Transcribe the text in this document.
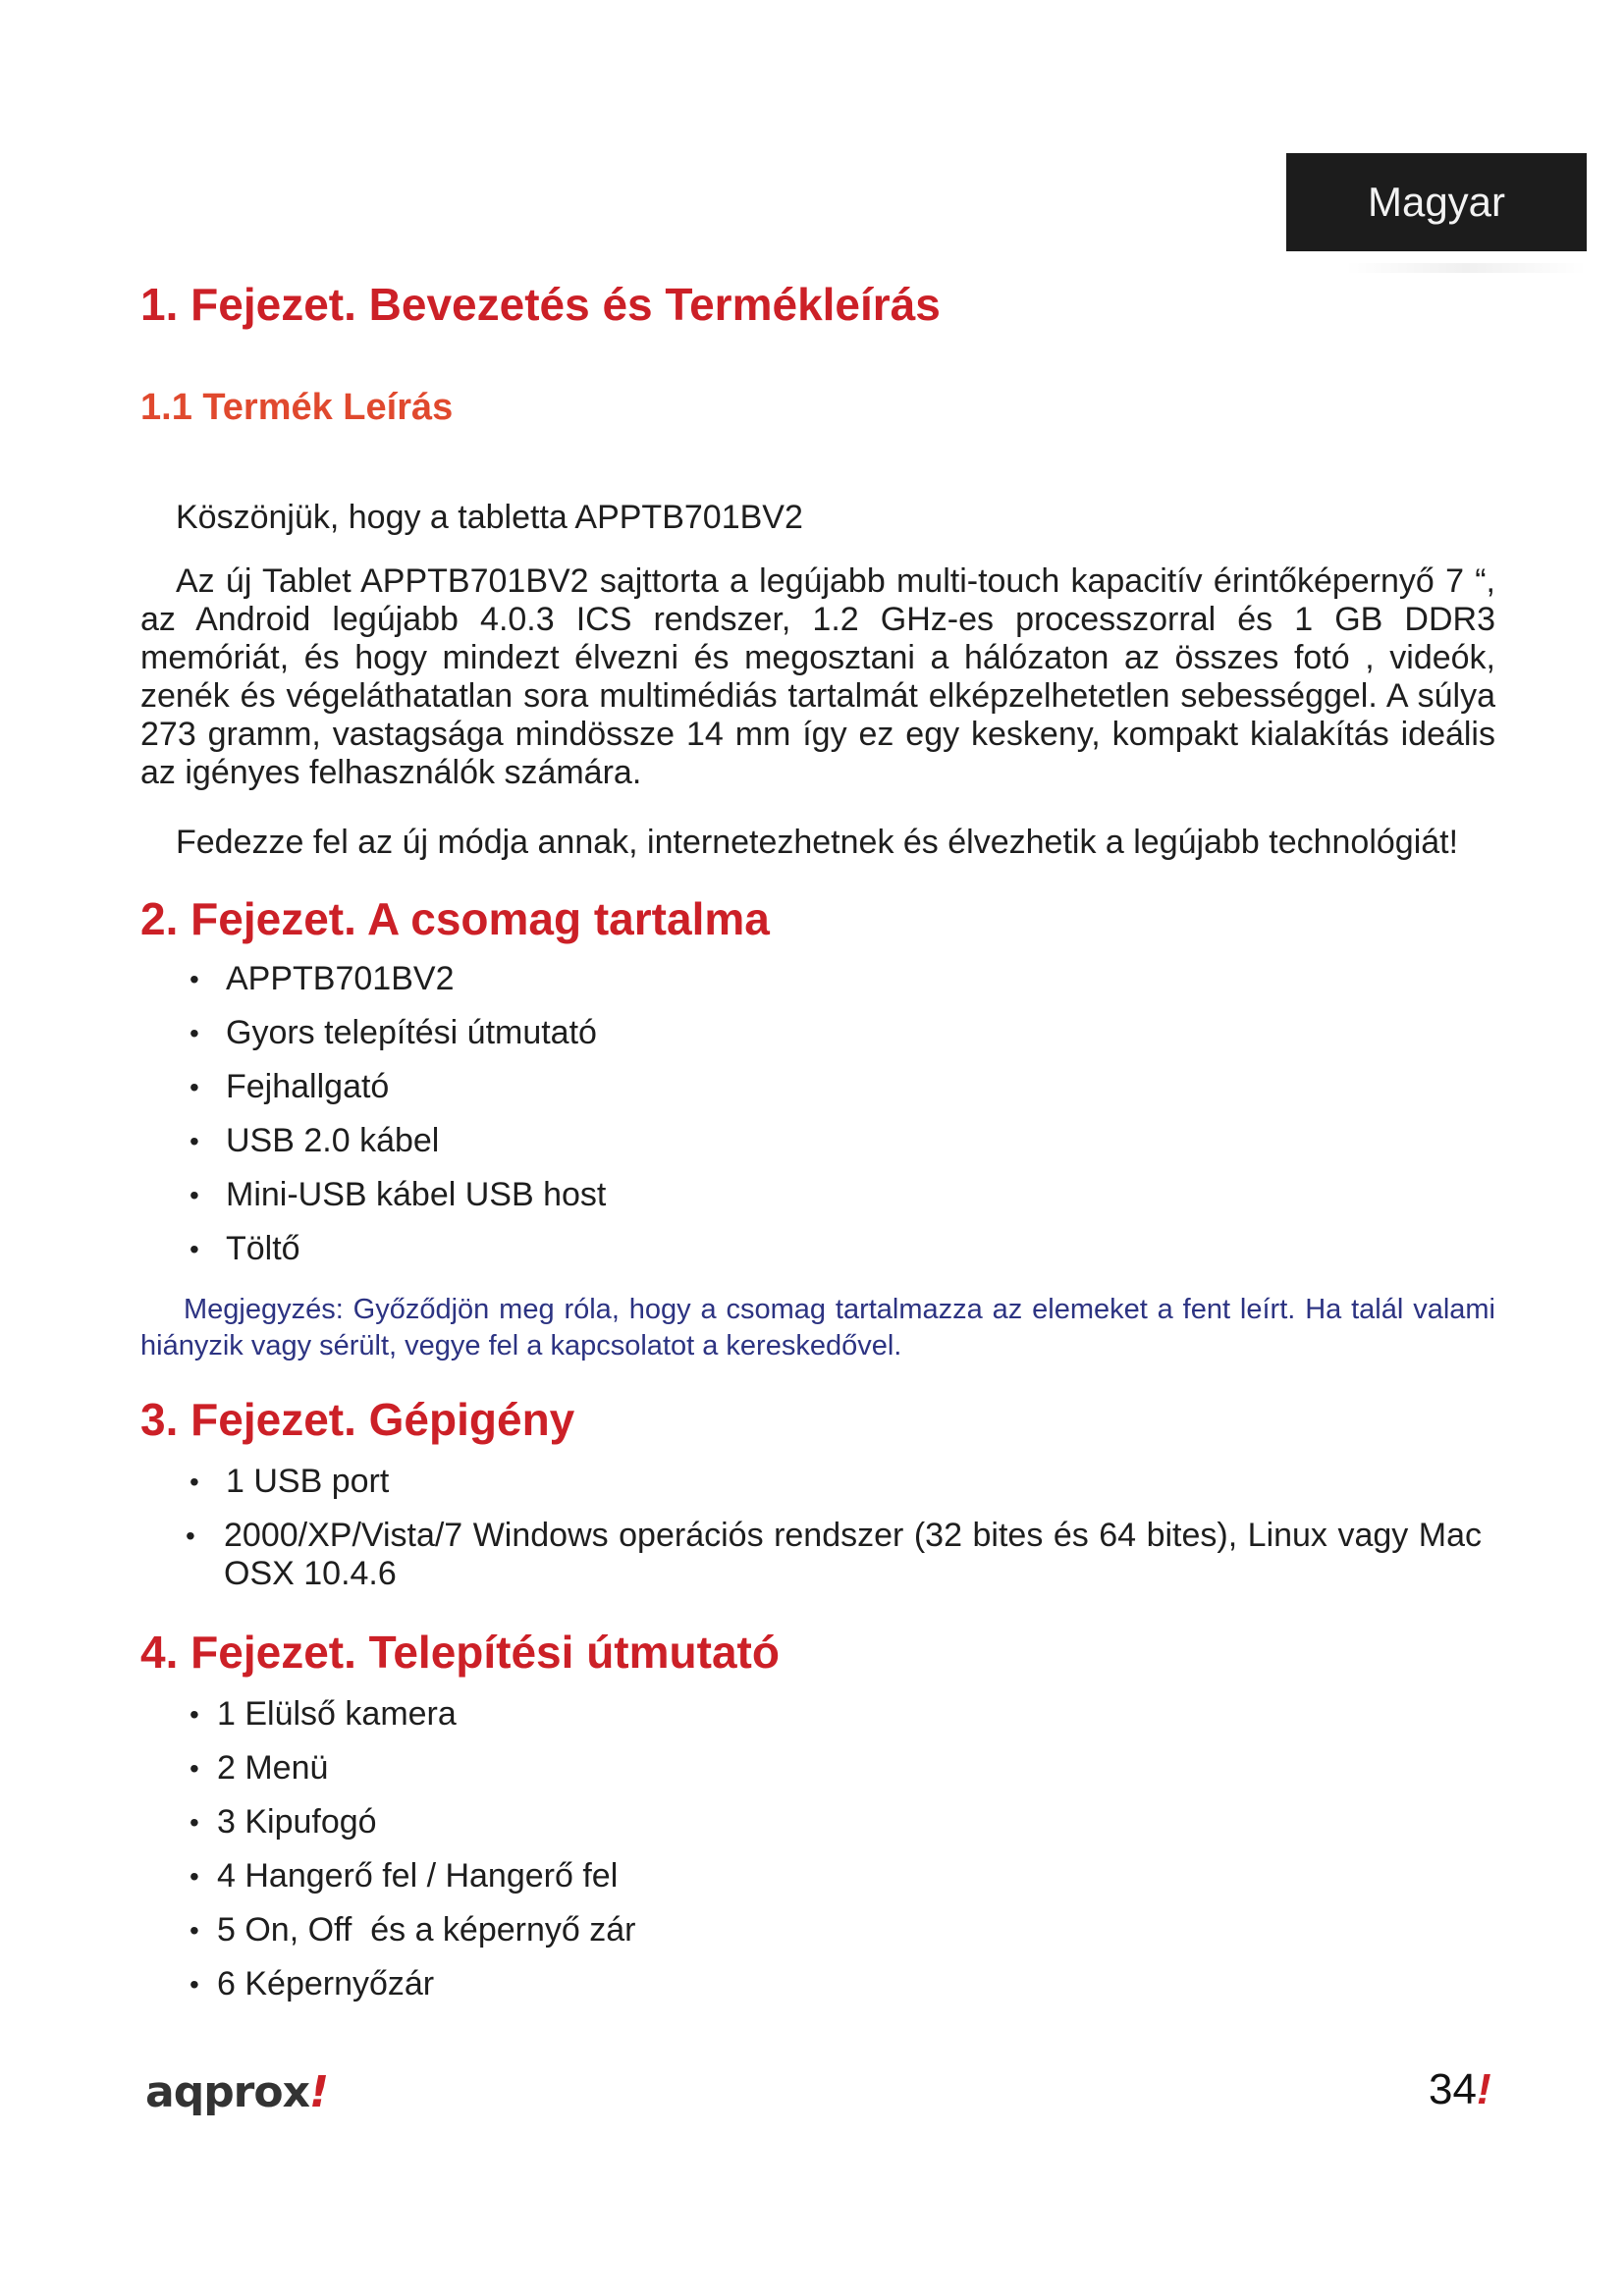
Magyar
1. Fejezet. Bevezetés és Termékleírás
1.1 Termék Leírás

Köszönjük, hogy a tabletta APPTB701BV2

Az új Tablet APPTB701BV2 sajttorta a legújabb multi-touch kapacitív érintőképernyő 7 “, az Android legújabb 4.0.3 ICS rendszer, 1.2 GHz-es processzorral és 1 GB DDR3 memóriát, és hogy mindezt élvezni és megosztani a hálózaton az összes fotó , videók, zenék és végeláthatatlan sora multimédiás tartalmát elképzelhetetlen sebességgel. A súlya 273 gramm, vastagsága mindössze 14 mm így ez egy keskeny, kompakt kialakítás ideális az igényes felhasználók számára.

Fedezze fel az új módja annak, internetezhetnek és élvezhetik a legújabb technológiát!

2. Fejezet. A csomag tartalma
• APPTB701BV2
• Gyors telepítési útmutató
• Fejhallgató
• USB 2.0 kábel
• Mini-USB kábel USB host
• Töltő

Megjegyzés: Győződjön meg róla, hogy a csomag tartalmazza az elemeket a fent leírt. Ha talál valami hiányzik vagy sérült, vegye fel a kapcsolatot a kereskedővel.

3. Fejezet. Gépigény
• 1 USB port
• 2000/XP/Vista/7 Windows operációs rendszer (32 bites és 64 bites), Linux vagy Mac OSX 10.4.6
4. Fejezet. Telepítési útmutató
• 1 Elülső kamera
• 2 Menü
• 3 Kipufogó
• 4 Hangerő fel / Hangerő fel
• 5 On, Off  és a képernyő zár
• 6 Képernyőzár
aqprox!	34!
